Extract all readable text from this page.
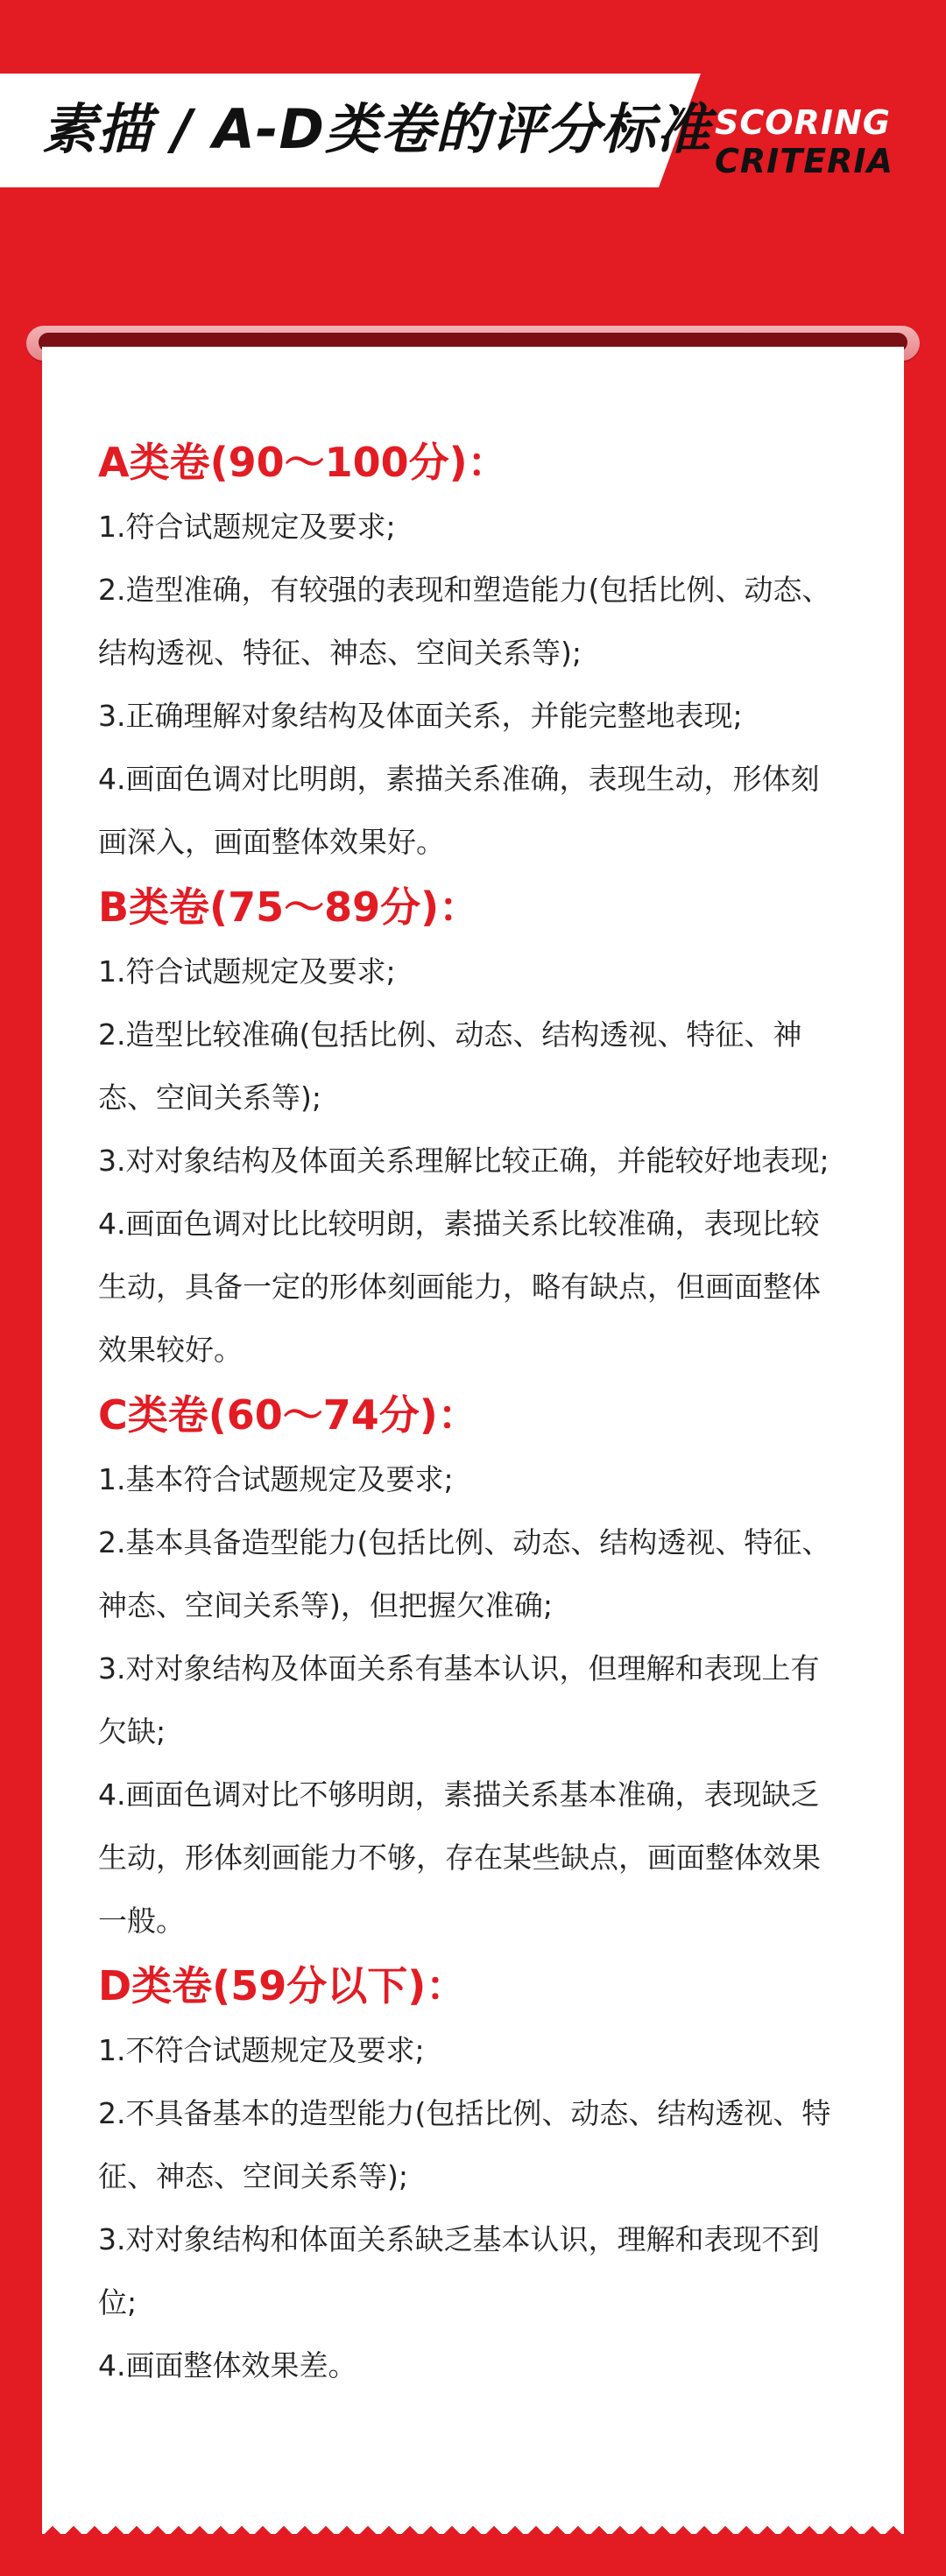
素描 / A-D类卷的评分标准 SCORING
CRITERIA

A类卷(90～100分)：

1.符合试题规定及要求;

2.造型准确，有较强的表现和塑造能力(包括比例、动态、结构透视、特征、神态、空间关系等);

3.正确理解对象结构及体面关系，并能完整地表现;

4.画面色调对比明朗，素描关系准确，表现生动，形体刻画深入，画面整体效果好。

B类卷(75～89分)：

1.符合试题规定及要求;

2.造型比较准确(包括比例、动态、结构透视、特征、神态、空间关系等);

3.对对象结构及体面关系理解比较正确，并能较好地表现;

4.画面色调对比比较明朗，素描关系比较准确，表现比较生动，具备一定的形体刻画能力，略有缺点，但画面整体效果较好。

C类卷(60～74分)：

1.基本符合试题规定及要求;

2.基本具备造型能力(包括比例、动态、结构透视、特征、神态、空间关系等)，但把握欠准确;

3.对对象结构及体面关系有基本认识，但理解和表现上有欠缺;

4.画面色调对比不够明朗，素描关系基本准确，表现缺乏生动，形体刻画能力不够，存在某些缺点，画面整体效果一般。

D类卷(59分以下)：

1.不符合试题规定及要求;

2.不具备基本的造型能力(包括比例、动态、结构透视、特征、神态、空间关系等);

3.对对象结构和体面关系缺乏基本认识，理解和表现不到位;

4.画面整体效果差。
